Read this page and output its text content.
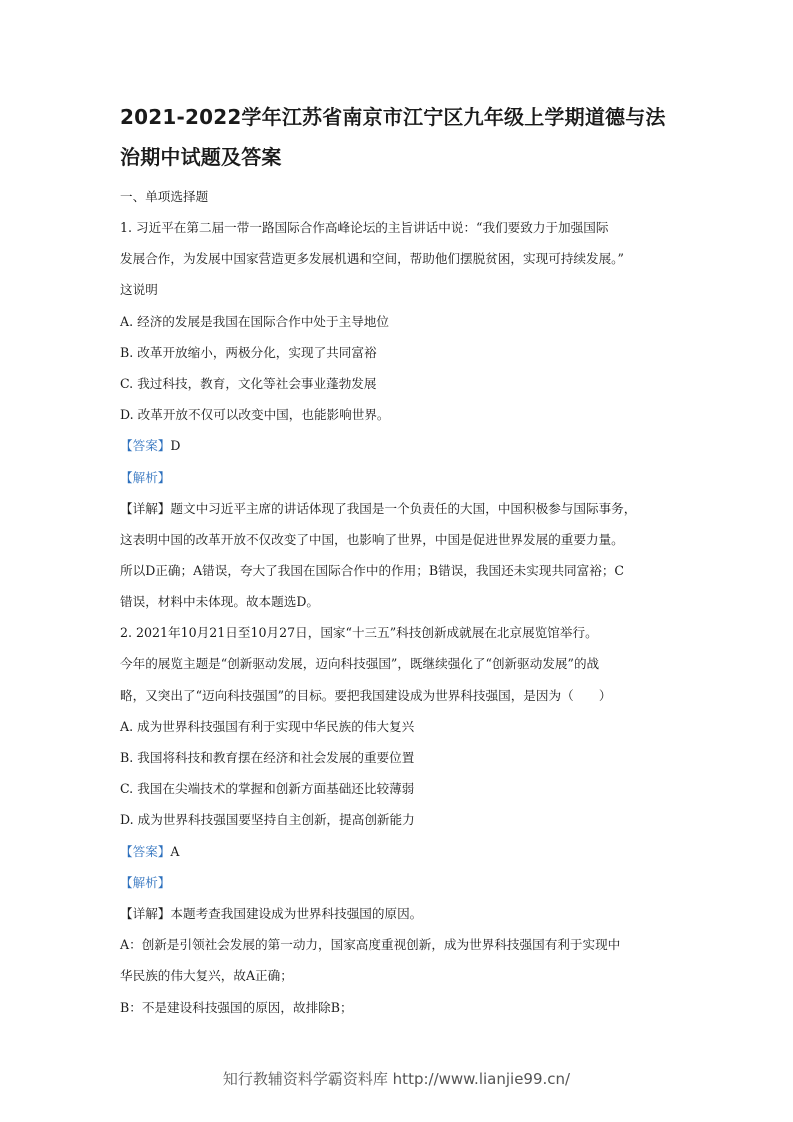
2021-2022学年江苏省南京市江宁区九年级上学期道德与法治期中试题及答案
一、单项选择题
1. 习近平在第二届一带一路国际合作高峰论坛的主旨讲话中说：“我们要致力于加强国际
发展合作，为发展中国家营造更多发展机遇和空间，帮助他们摆脱贫困，实现可持续发展。”
这说明
A. 经济的发展是我国在国际合作中处于主导地位
B. 改革开放缩小，两极分化，实现了共同富裕
C. 我过科技，教育，文化等社会事业蓬勃发展
D. 改革开放不仅可以改变中国，也能影响世界。
【答案】D
【解析】
【详解】题文中习近平主席的讲话体现了我国是一个负责任的大国，中国积极参与国际事务，
这表明中国的改革开放不仅改变了中国，也影响了世界，中国是促进世界发展的重要力量。
所以D正确；A错误，夸大了我国在国际合作中的作用；B错误，我国还未实现共同富裕；C
错误，材料中未体现。故本题选D。
2. 2021年10月21日至10月27日，国家“十三五”科技创新成就展在北京展览馆举行。
今年的展览主题是“创新驱动发展，迈向科技强国”，既继续强化了“创新驱动发展”的战
略，又突出了“迈向科技强国”的目标。要把我国建设成为世界科技强国，是因为（　　）
A. 成为世界科技强国有利于实现中华民族的伟大复兴
B. 我国将科技和教育摆在经济和社会发展的重要位置
C. 我国在尖端技术的掌握和创新方面基础还比较薄弱
D. 成为世界科技强国要坚持自主创新，提高创新能力
【答案】A
【解析】
【详解】本题考查我国建设成为世界科技强国的原因。
A：创新是引领社会发展的第一动力，国家高度重视创新，成为世界科技强国有利于实现中
华民族的伟大复兴，故A正确；
B：不是建设科技强国的原因，故排除B；
知行教辅资料学霸资料库 http://www.lianjie99.cn/
